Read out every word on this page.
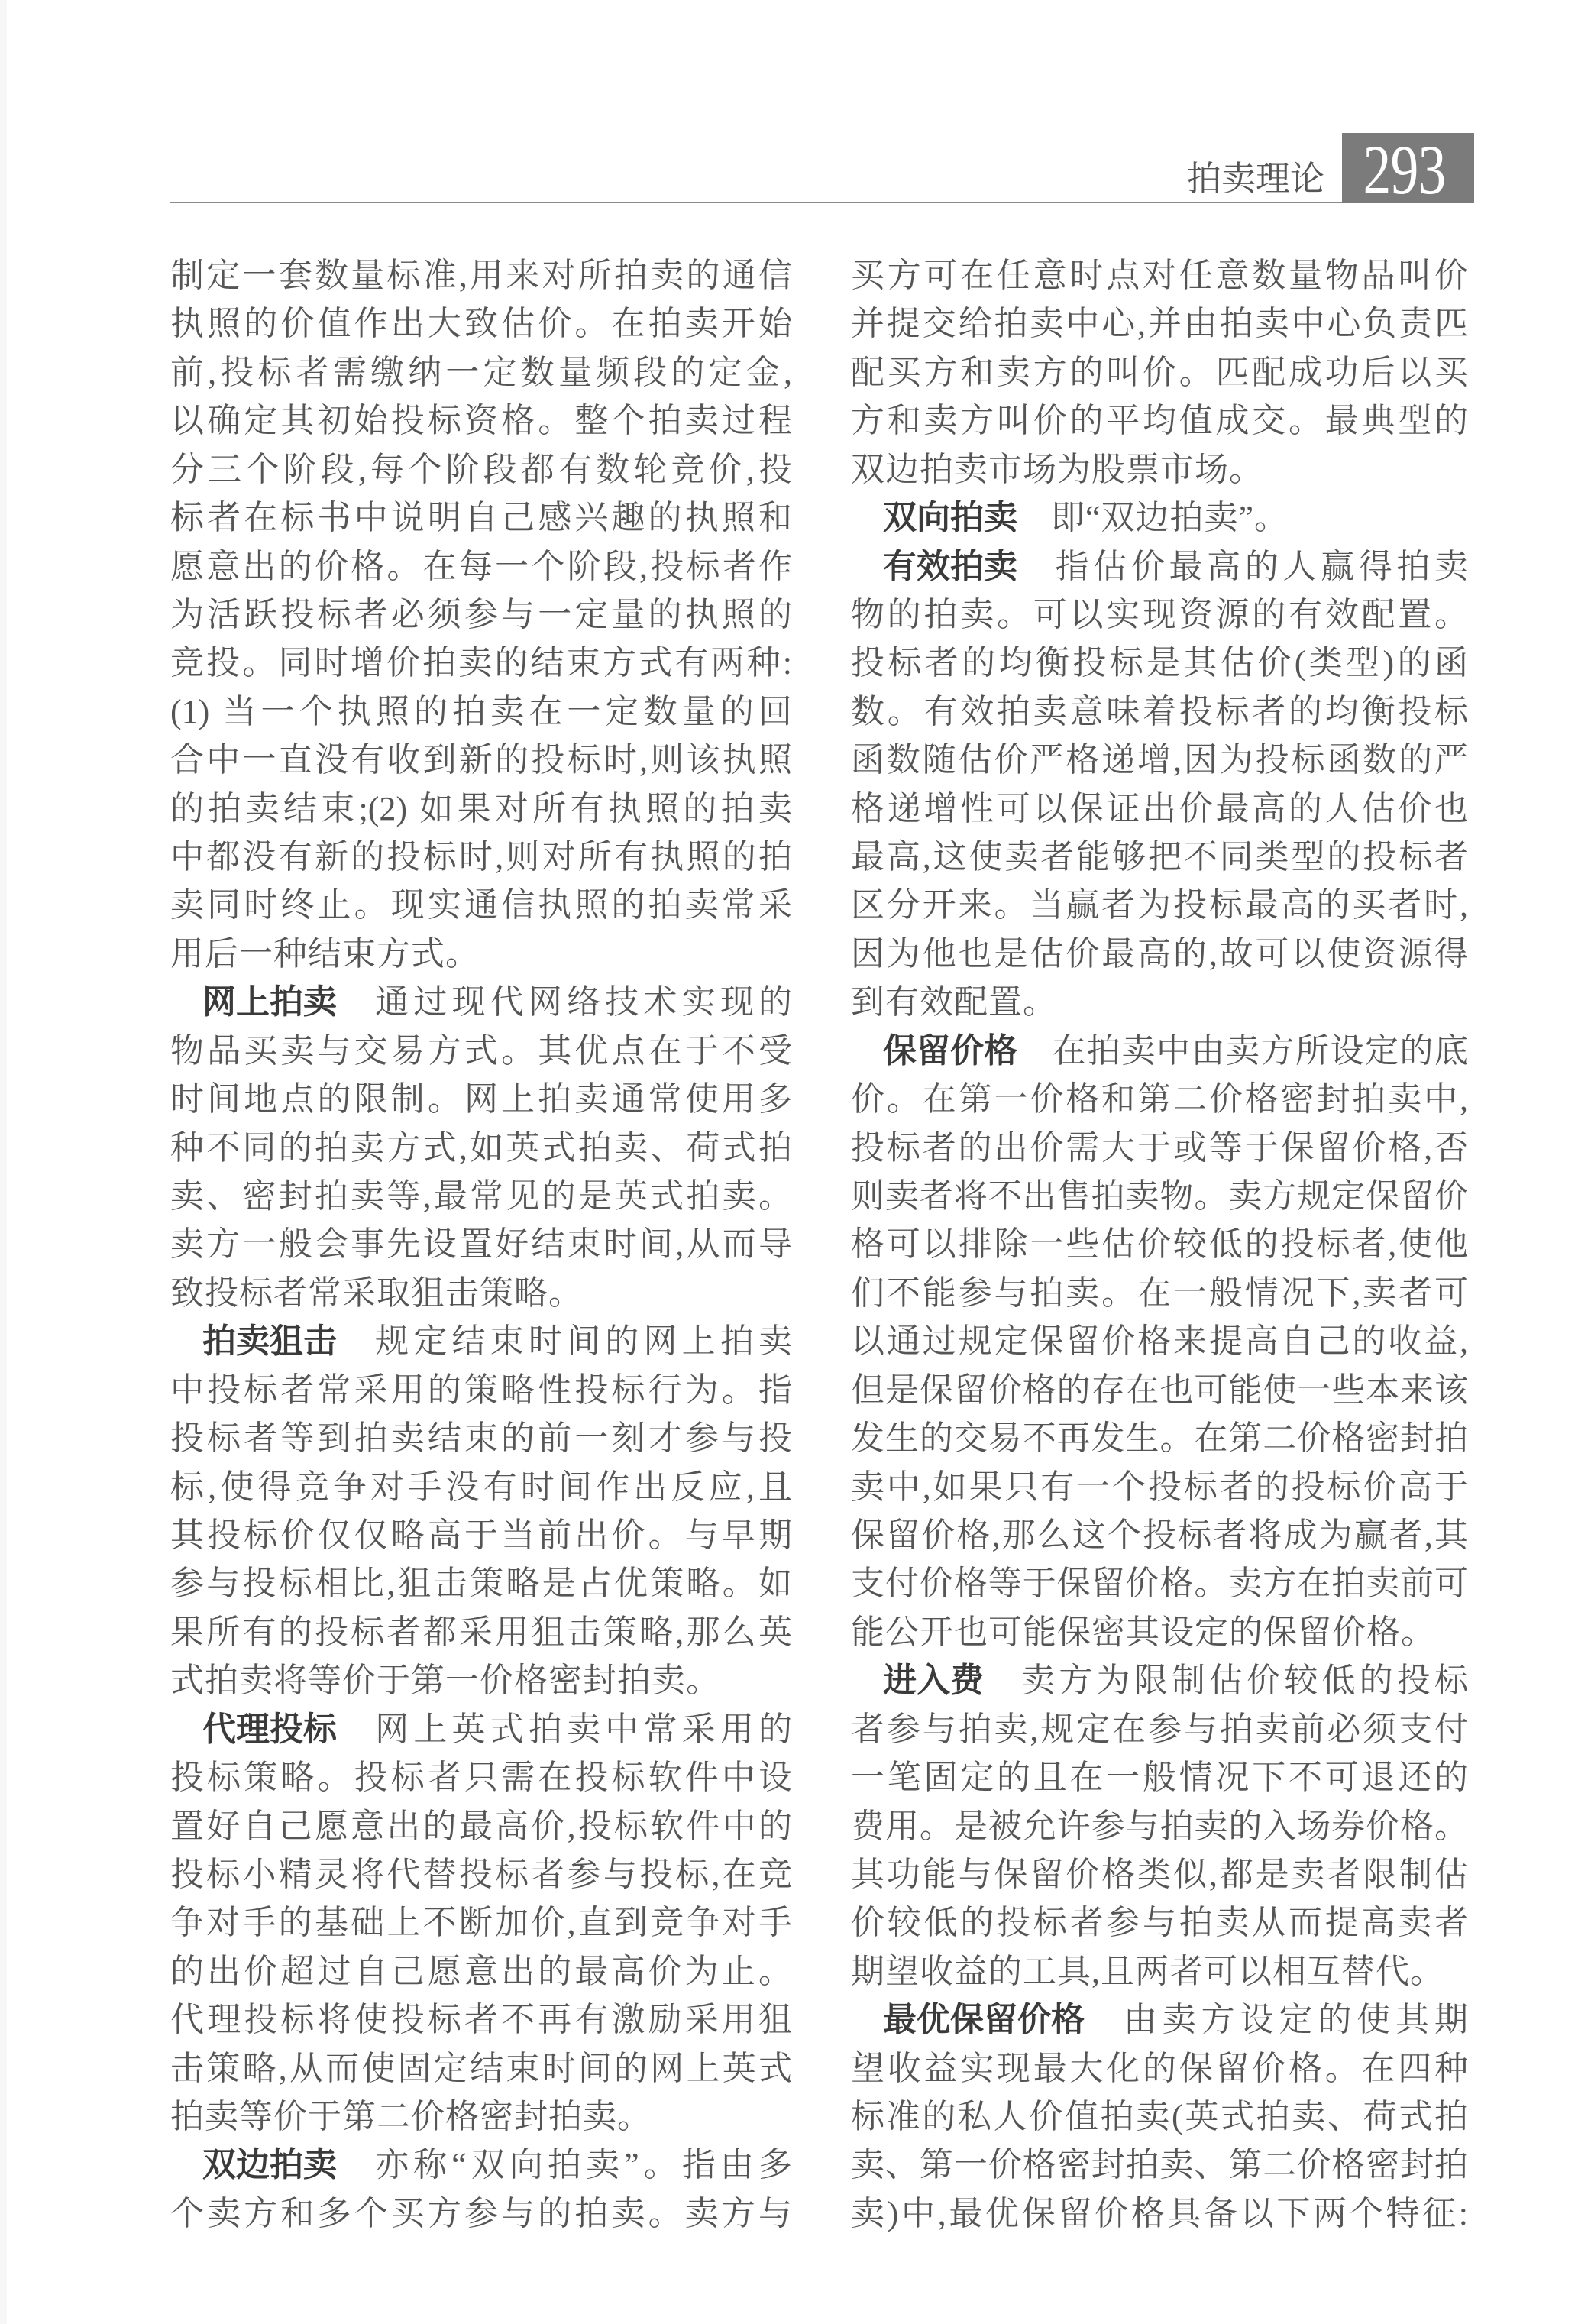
拍卖理论 293
制定一套数量标准,用来对所拍卖的通信
执照的价值作出大致估价。在拍卖开始
前,投标者需缴纳一定数量频段的定金,
以确定其初始投标资格。整个拍卖过程
分三个阶段,每个阶段都有数轮竞价,投
标者在标书中说明自己感兴趣的执照和
愿意出的价格。在每一个阶段,投标者作
为活跃投标者必须参与一定量的执照的
竞投。同时增价拍卖的结束方式有两种:
(1) 当一个执照的拍卖在一定数量的回
合中一直没有收到新的投标时,则该执照
的拍卖结束;(2) 如果对所有执照的拍卖
中都没有新的投标时,则对所有执照的拍
卖同时终止。现实通信执照的拍卖常采
用后一种结束方式。
网上拍卖 通过现代网络技术实现的
物品买卖与交易方式。其优点在于不受
时间地点的限制。网上拍卖通常使用多
种不同的拍卖方式,如英式拍卖、荷式拍
卖、密封拍卖等,最常见的是英式拍卖。
卖方一般会事先设置好结束时间,从而导
致投标者常采取狙击策略。
拍卖狙击 规定结束时间的网上拍卖
中投标者常采用的策略性投标行为。指
投标者等到拍卖结束的前一刻才参与投
标,使得竞争对手没有时间作出反应,且
其投标价仅仅略高于当前出价。与早期
参与投标相比,狙击策略是占优策略。如
果所有的投标者都采用狙击策略,那么英
式拍卖将等价于第一价格密封拍卖。
代理投标 网上英式拍卖中常采用的
投标策略。投标者只需在投标软件中设
置好自己愿意出的最高价,投标软件中的
投标小精灵将代替投标者参与投标,在竞
争对手的基础上不断加价,直到竞争对手
的出价超过自己愿意出的最高价为止。
代理投标将使投标者不再有激励采用狙
击策略,从而使固定结束时间的网上英式
拍卖等价于第二价格密封拍卖。
双边拍卖 亦称“双向拍卖”。指由多
个卖方和多个买方参与的拍卖。卖方与
买方可在任意时点对任意数量物品叫价
并提交给拍卖中心,并由拍卖中心负责匹
配买方和卖方的叫价。匹配成功后以买
方和卖方叫价的平均值成交。最典型的
双边拍卖市场为股票市场。
双向拍卖 即“双边拍卖”。
有效拍卖 指估价最高的人赢得拍卖
物的拍卖。可以实现资源的有效配置。
投标者的均衡投标是其估价(类型)的函
数。有效拍卖意味着投标者的均衡投标
函数随估价严格递增,因为投标函数的严
格递增性可以保证出价最高的人估价也
最高,这使卖者能够把不同类型的投标者
区分开来。当赢者为投标最高的买者时,
因为他也是估价最高的,故可以使资源得
到有效配置。
保留价格 在拍卖中由卖方所设定的底
价。在第一价格和第二价格密封拍卖中,
投标者的出价需大于或等于保留价格,否
则卖者将不出售拍卖物。卖方规定保留价
格可以排除一些估价较低的投标者,使他
们不能参与拍卖。在一般情况下,卖者可
以通过规定保留价格来提高自己的收益,
但是保留价格的存在也可能使一些本来该
发生的交易不再发生。在第二价格密封拍
卖中,如果只有一个投标者的投标价高于
保留价格,那么这个投标者将成为赢者,其
支付价格等于保留价格。卖方在拍卖前可
能公开也可能保密其设定的保留价格。
进入费 卖方为限制估价较低的投标
者参与拍卖,规定在参与拍卖前必须支付
一笔固定的且在一般情况下不可退还的
费用。是被允许参与拍卖的入场券价格。
其功能与保留价格类似,都是卖者限制估
价较低的投标者参与拍卖从而提高卖者
期望收益的工具,且两者可以相互替代。
最优保留价格 由卖方设定的使其期
望收益实现最大化的保留价格。在四种
标准的私人价值拍卖(英式拍卖、荷式拍
卖、第一价格密封拍卖、第二价格密封拍
卖)中,最优保留价格具备以下两个特征:
